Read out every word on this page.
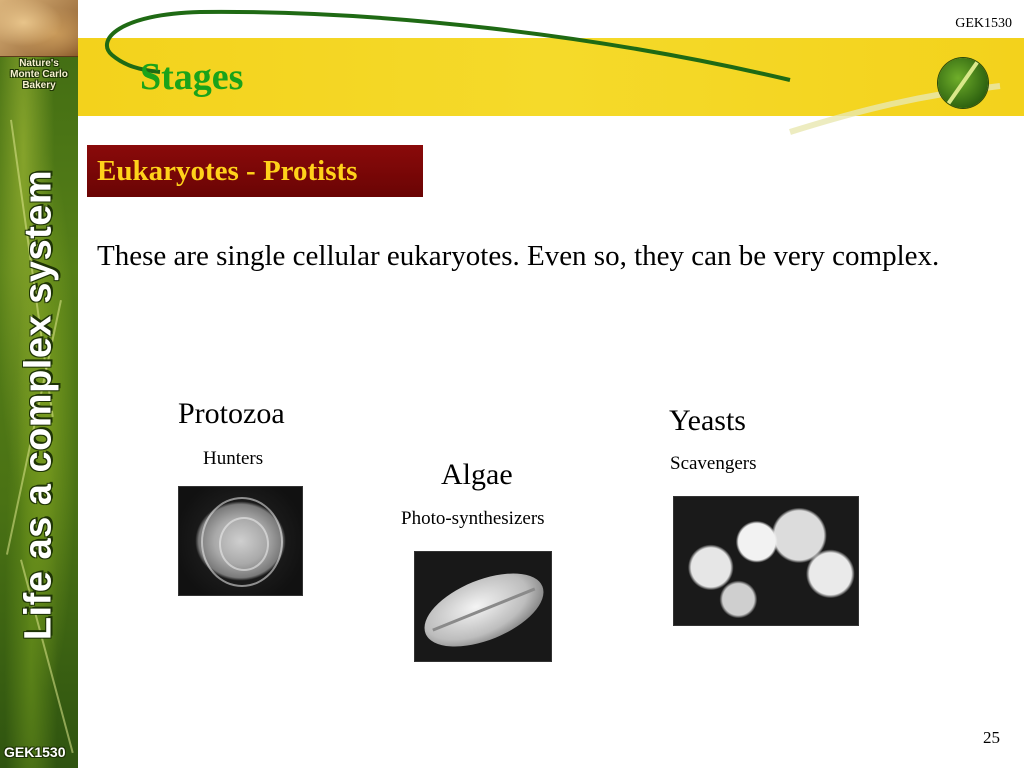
Nature's
Monte Carlo
Bakery
Life as a complex system
GEK1530
GEK1530
Stages
Eukaryotes - Protists
These are single cellular eukaryotes. Even so, they can be very complex.
Protozoa
Hunters	Algae
Photo-synthesizers
Yeasts
Scavengers
25
